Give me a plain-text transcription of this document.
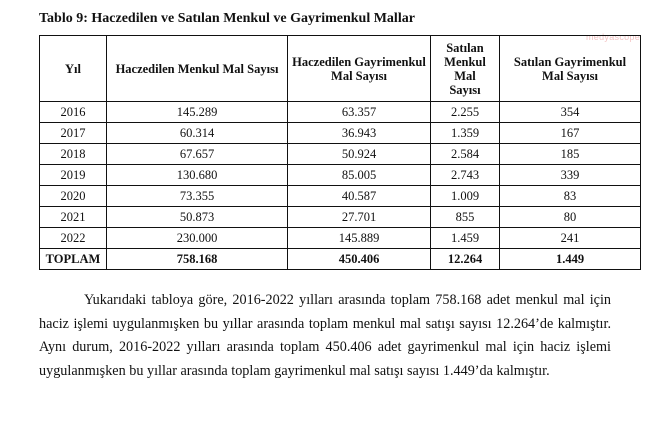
medyascope
Tablo 9: Haczedilen ve Satılan Menkul ve Gayrimenkul Mallar
Yıl	Haczedilen Menkul Mal Sayısı	Haczedilen Gayrimenkul Mal Sayısı	Satılan Menkul Mal Sayısı	Satılan Gayrimenkul Mal Sayısı
2016	145.289	63.357	2.255	354
2017	60.314	36.943	1.359	167
2018	67.657	50.924	2.584	185
2019	130.680	85.005	2.743	339
2020	73.355	40.587	1.009	83
2021	50.873	27.701	855	80
2022	230.000	145.889	1.459	241
TOPLAM	758.168	450.406	12.264	1.449

Yukarıdaki tabloya göre, 2016-2022 yılları arasında toplam 758.168 adet menkul mal için haciz işlemi uygulanmışken bu yıllar arasında toplam menkul mal satışı sayısı 12.264’de kalmıştır. Aynı durum, 2016-2022 yılları arasında toplam 450.406 adet gayrimenkul mal için haciz işlemi uygulanmışken bu yıllar arasında toplam gayrimenkul mal satışı sayısı 1.449’da kalmıştır.
